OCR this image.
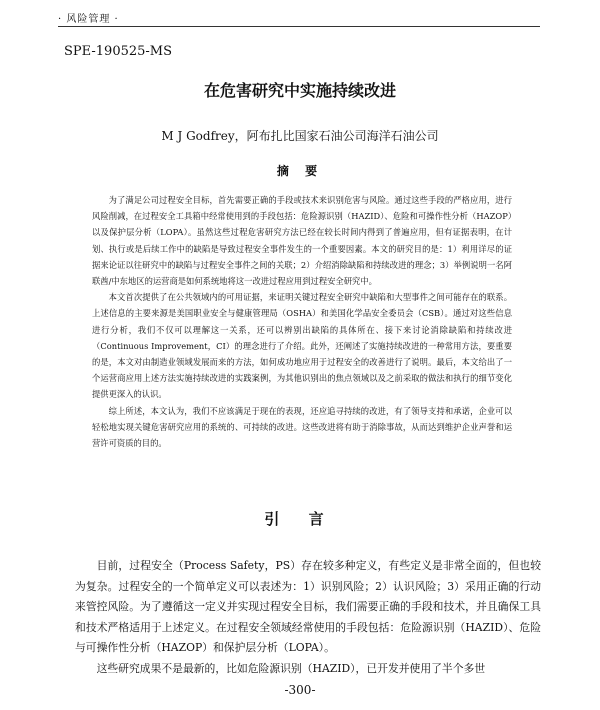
· 风险管理 ·
SPE-190525-MS
在危害研究中实施持续改进
M J Godfrey，阿布扎比国家石油公司海洋石油公司
摘 要

为了满足公司过程安全目标，首先需要正确的手段或技术来识别危害与风险。通过这些手段的严格应用，进行风险削减，在过程安全工具箱中经常使用到的手段包括：危险源识别（HAZID）、危险和可操作性分析（HAZOP）以及保护层分析（LOPA）。虽然这些过程危害研究方法已经在较长时间内得到了普遍应用，但有证据表明，在计划、执行或是后续工作中的缺陷是导致过程安全事件发生的一个重要因素。本文的研究目的是：1）利用详尽的证据来论证以往研究中的缺陷与过程安全事件之间的关联；2）介绍消除缺陷和持续改进的理念；3）举例说明一名阿联酋/中东地区的运营商是如何系统地将这一改进过程应用到过程安全研究中。

本文首次提供了在公共领域内的可用证据，来证明关键过程安全研究中缺陷和大型事件之间可能存在的联系。上述信息的主要来源是美国职业安全与健康管理局（OSHA）和美国化学品安全委员会（CSB）。通过对这些信息进行分析，我们不仅可以理解这一关系，还可以辨别出缺陷的具体所在、接下来讨论消除缺陷和持续改进（Continuous Improvement，CI）的理念进行了介绍。此外，还阐述了实施持续改进的一种常用方法，要重要的是，本文对由制造业领域发展而来的方法，如何成功地应用于过程安全的改善进行了说明。最后，本文给出了一个运营商应用上述方法实施持续改进的实践案例，为其他识别出的焦点领域以及之前采取的做法和执行的细节变化提供更深入的认识。

综上所述，本文认为，我们不应该满足于现在的表现，还应追寻持续的改进，有了领导支持和承诺，企业可以轻松地实现关键危害研究应用的系统的、可持续的改进。这些改进将有助于消除事故，从而达到维护企业声誉和运营许可资质的目的。

引 言

目前，过程安全（Process Safety，PS）存在较多种定义，有些定义是非常全面的，但也较为复杂。过程安全的一个简单定义可以表述为：1）识别风险；2）认识风险；3）采用正确的行动来管控风险。为了遵循这一定义并实现过程安全目标，我们需要正确的手段和技术，并且确保工具和技术严格适用于上述定义。在过程安全领域经常使用的手段包括：危险源识别（HAZID）、危险与可操作性分析（HAZOP）和保护层分析（LOPA）。

这些研究成果不是最新的，比如危险源识别（HAZID），已开发并使用了半个多世

-300-
